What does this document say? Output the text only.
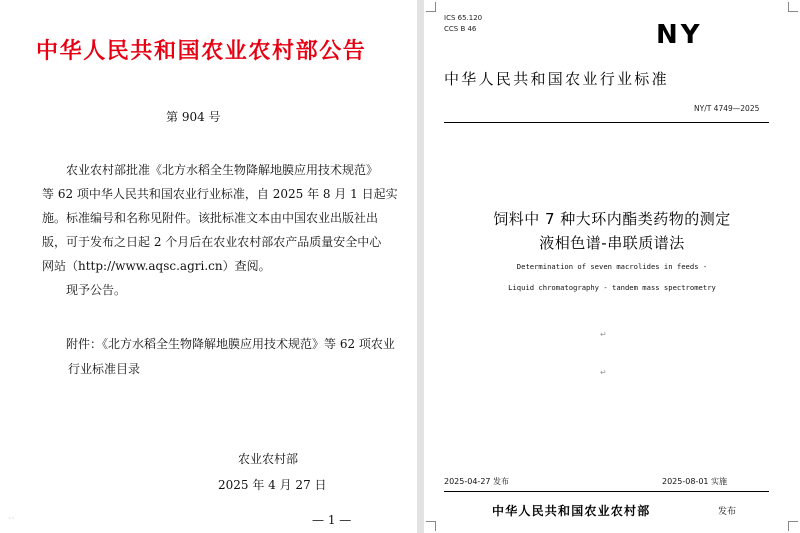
中华人民共和国农业农村部公告
第 904 号
农业农村部批准《北方水稻全生物降解地膜应用技术规范》
等 62 项中华人民共和国农业行业标准，自 2025 年 8 月 1 日起实
施。标准编号和名称见附件。该批标准文本由中国农业出版社出
版，可于发布之日起 2 个月后在农业农村部农产品质量安全中心
网站（http://www.aqsc.agri.cn）查阅。
现予公告。
附件：《北方水稻全生物降解地膜应用技术规范》等 62 项农业
行业标准目录
农业农村部
2025 年 4 月 27 日
— 1 —
◦◦
ICS 65.120
CCS B 46	NY
中华人民共和国农业行业标准
NY/T 4749—2025
饲料中 7 种大环内酯类药物的测定
液相色谱-串联质谱法
Determination of seven macrolides in feeds -
Liquid chromatography - tandem mass spectrometry
↵
↵
2025-04-27 发布	2025-08-01 实施
中华人民共和国农业农村部	发布
